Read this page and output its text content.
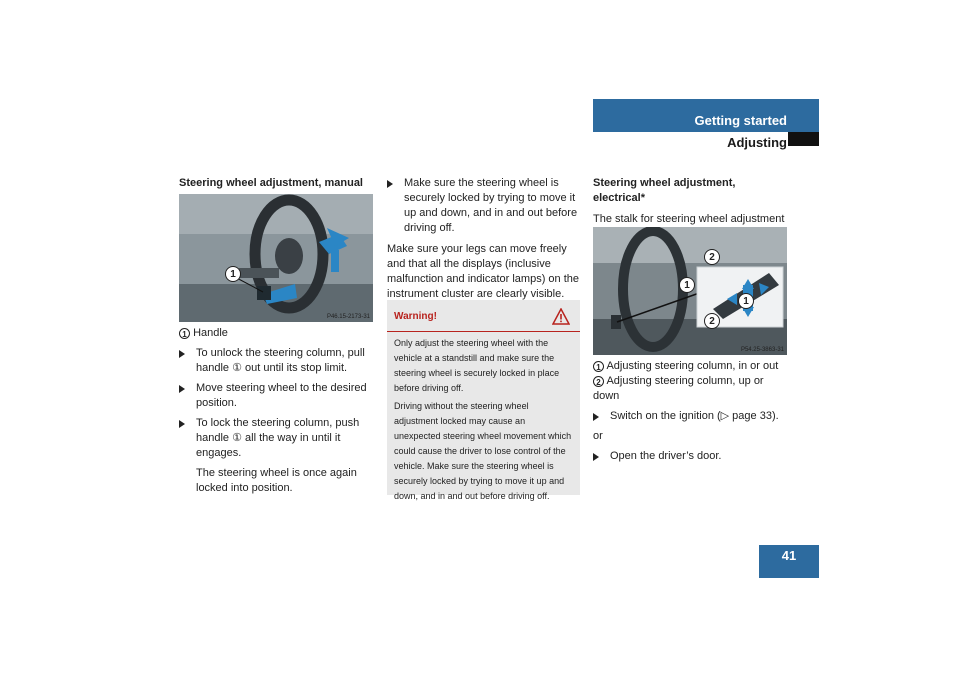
Getting started
Adjusting

Steering wheel adjustment, manual

1
P46.15-2173-31

1 Handle

To unlock the steering column, pull handle ① out until its stop limit.

Move steering wheel to the desired position.

To lock the steering column, push handle ① all the way in until it engages.

The steering wheel is once again locked into position.

Make sure the steering wheel is securely locked by trying to move it up and down, and in and out before driving off.

Make sure your legs can move freely and that all the displays (inclusive malfunction and indicator lamps) on the instrument cluster are clearly visible.

Warning!

Only adjust the steering wheel with the vehicle at a standstill and make sure the steering wheel is securely locked in place before driving off.

Driving without the steering wheel adjustment locked may cause an unexpected steering wheel movement which could cause the driver to lose control of the vehicle. Make sure the steering wheel is securely locked by trying to move it up and down, and in and out before driving off.

Steering wheel adjustment, electrical*

The stalk for steering wheel adjustment

2
1
1
2
P54.25-3863-31

1 Adjusting steering column, in or out

2 Adjusting steering column, up or down

Switch on the ignition (▷ page 33).

or

Open the driver’s door.

41
